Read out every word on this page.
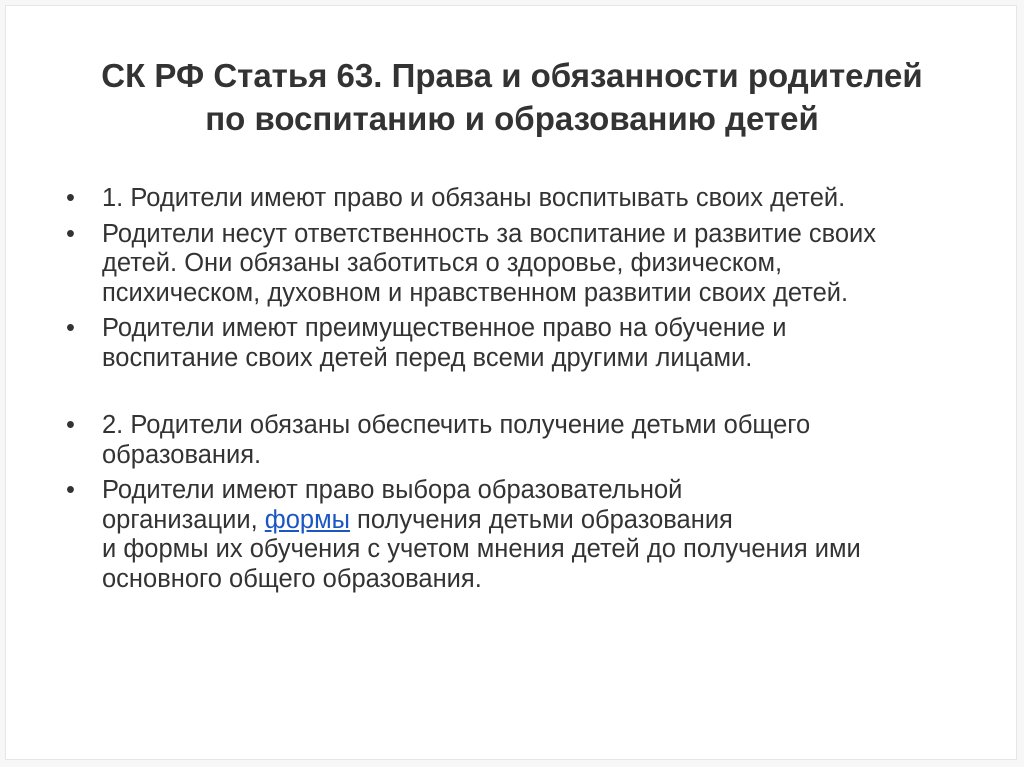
СК РФ Статья 63. Права и обязанности родителей
по воспитанию и образованию детей
•	1. Родители имеют право и обязаны воспитывать своих детей.
•	Родители несут ответственность за воспитание и развитие своих
детей. Они обязаны заботиться о здоровье, физическом,
психическом, духовном и нравственном развитии своих детей.
•	Родители имеют преимущественное право на обучение и
воспитание своих детей перед всеми другими лицами.
•	2. Родители обязаны обеспечить получение детьми общего
образования.
•	Родители имеют право выбора образовательной
организации, формы получения детьми образования
и формы их обучения с учетом мнения детей до получения ими
основного общего образования.
